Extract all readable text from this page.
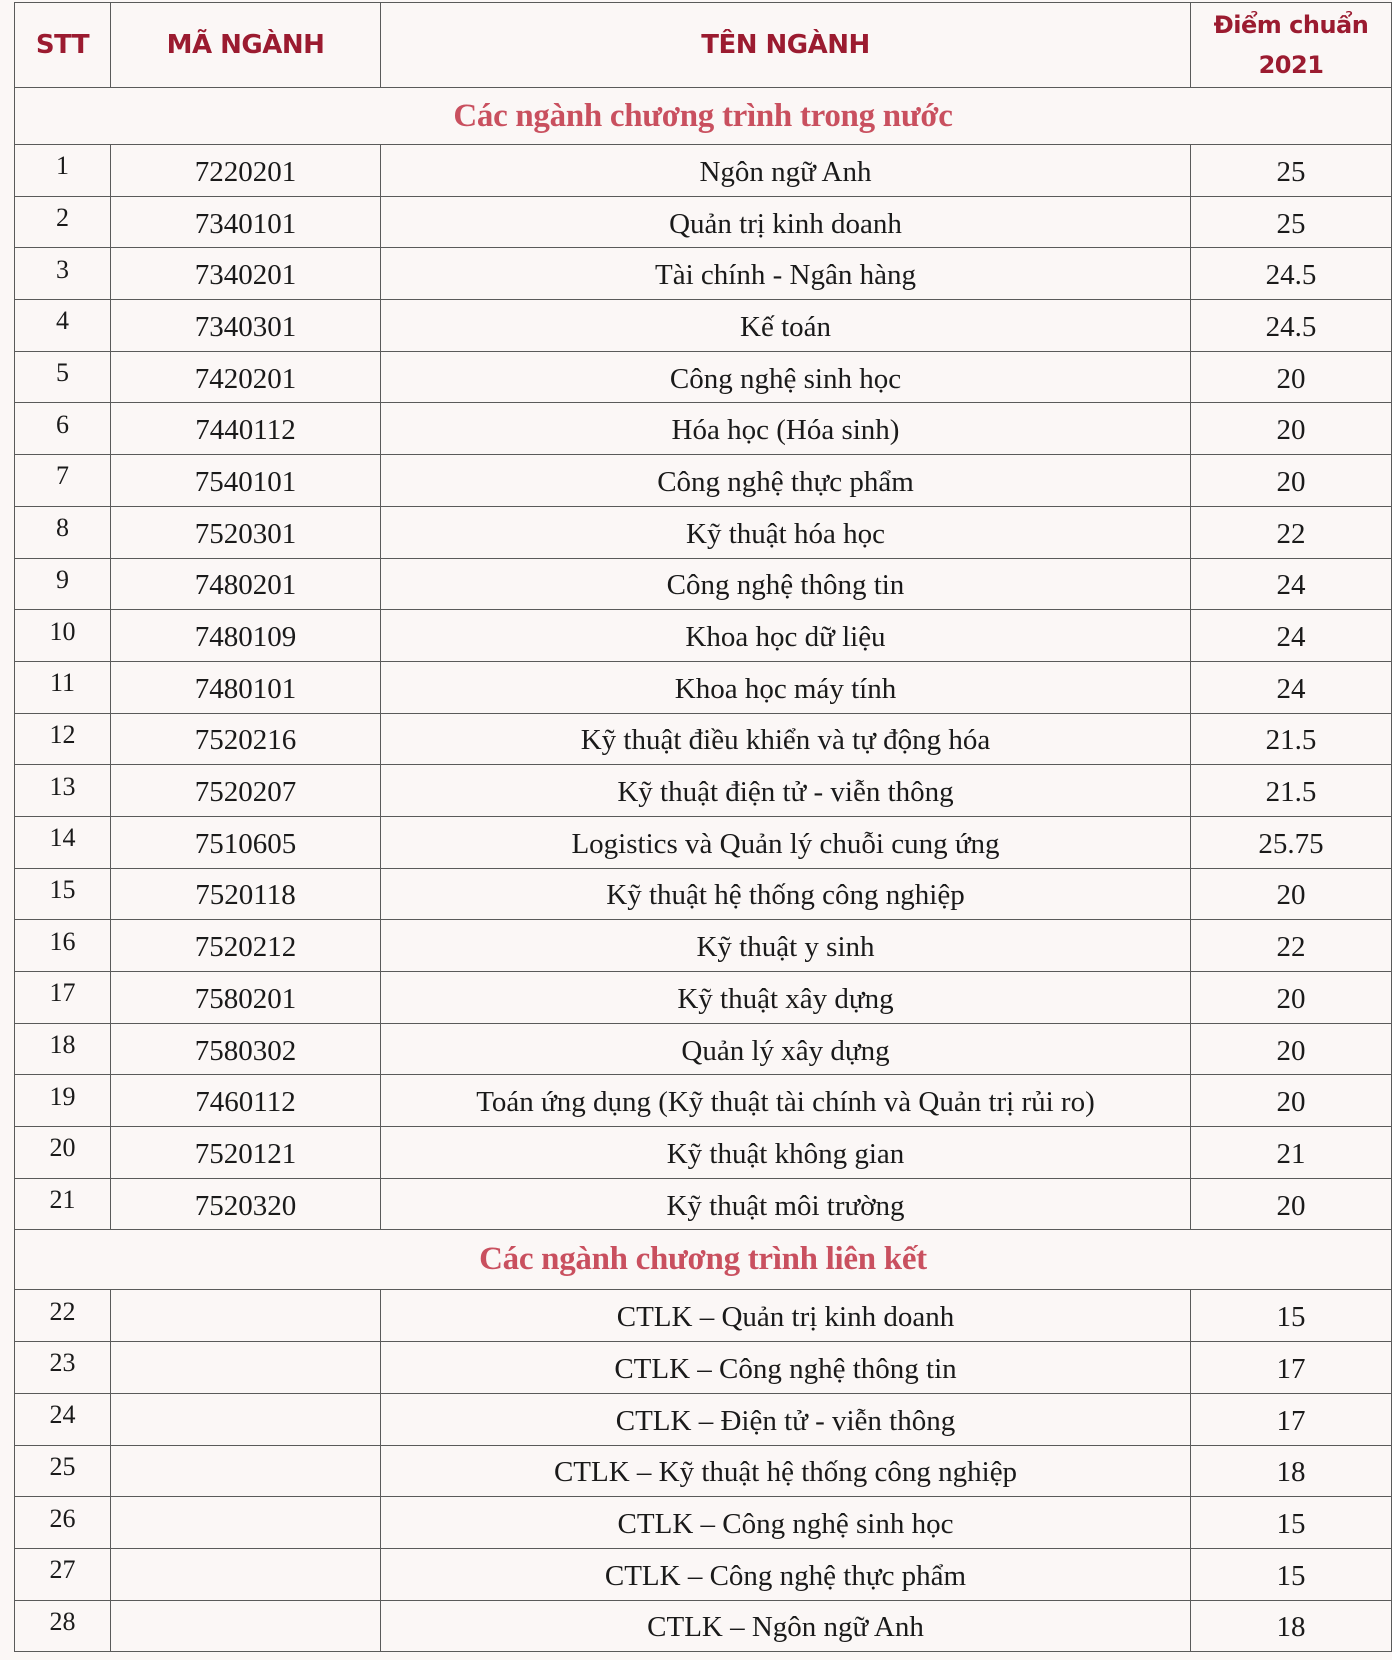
STT	MÃ NGÀNH	TÊN NGÀNH	Điểm chuẩn
2021

Các ngành chương trình trong nước			
1	7220201	Ngôn ngữ Anh	25
2	7340101	Quản trị kinh doanh	25
3	7340201	Tài chính - Ngân hàng	24.5
4	7340301	Kế toán	24.5
5	7420201	Công nghệ sinh học	20
6	7440112	Hóa học (Hóa sinh)	20
7	7540101	Công nghệ thực phẩm	20
8	7520301	Kỹ thuật hóa học	22
9	7480201	Công nghệ thông tin	24
10	7480109	Khoa học dữ liệu	24
11	7480101	Khoa học máy tính	24
12	7520216	Kỹ thuật điều khiển và tự động hóa	21.5
13	7520207	Kỹ thuật điện tử - viễn thông	21.5
14	7510605	Logistics và Quản lý chuỗi cung ứng	25.75
15	7520118	Kỹ thuật hệ thống công nghiệp	20
16	7520212	Kỹ thuật y sinh	22
17	7580201	Kỹ thuật xây dựng	20
18	7580302	Quản lý xây dựng	20
19	7460112	Toán ứng dụng (Kỹ thuật tài chính và Quản trị rủi ro)	20
20	7520121	Kỹ thuật không gian	21
21	7520320	Kỹ thuật môi trường	20
Các ngành chương trình liên kết			
22		CTLK – Quản trị kinh doanh	15
23		CTLK – Công nghệ thông tin	17
24		CTLK – Điện tử - viễn thông	17
25		CTLK – Kỹ thuật hệ thống công nghiệp	18
26		CTLK – Công nghệ sinh học	15
27		CTLK – Công nghệ thực phẩm	15
28		CTLK – Ngôn ngữ Anh	18
